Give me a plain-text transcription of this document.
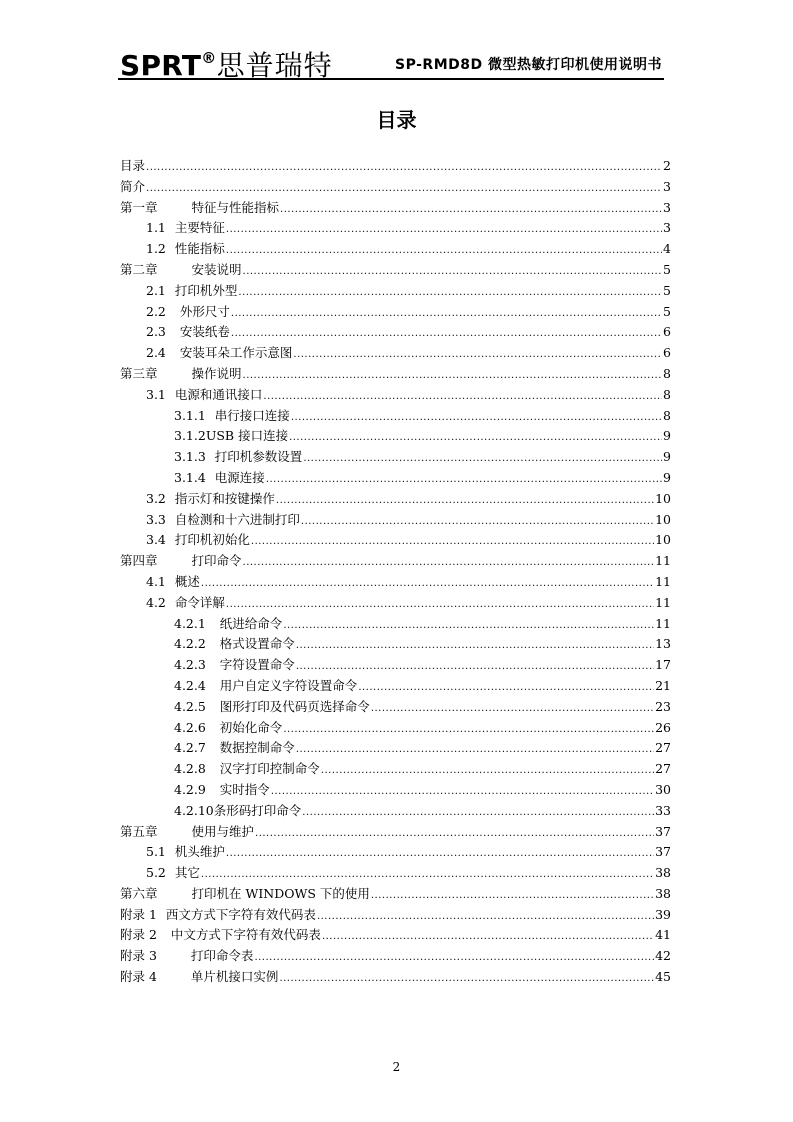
SPRT®思普瑞特	SP-RMD8D 微型热敏打印机使用说明书
目录
目录 .....	2
简介 .....	3
第一章	特征与性能指标 .....	3
1.1 主要特征 .....	3
1.2 性能指标 .....	4
第二章	安装说明 .....	5
2.1 打印机外型 .....	5
2.2 外形尺寸 .....	5
2.3 安装纸卷 .....	6
2.4 安装耳朵工作示意图 .....	6
第三章	操作说明 .....	8
3.1 电源和通讯接口 .....	8
3.1.1 串行接口连接 .....	8
3.1.2USB 接口连接 .....	9
3.1.3 打印机参数设置 .....	9
3.1.4 电源连接 .....	9
3.2 指示灯和按键操作 .....	10
3.3 自检测和十六进制打印 .....	10
3.4 打印机初始化 .....	10
第四章	打印命令 .....	11
4.1 概述 .....	11
4.2 命令详解 .....	11
4.2.1 纸进给命令 .....	11
4.2.2 格式设置命令 .....	13
4.2.3 字符设置命令 .....	17
4.2.4 用户自定义字符设置命令 .....	21
4.2.5 图形打印及代码页选择命令 .....	23
4.2.6 初始化命令 .....	26
4.2.7 数据控制命令 .....	27
4.2.8 汉字打印控制命令 .....	27
4.2.9 实时指令 .....	30
4.2.10条形码打印命令 .....	33
第五章	使用与维护 .....	37
5.1 机头维护 .....	37
5.2 其它 .....	38
第六章	打印机在 WINDOWS 下的使用 .....	38
附录 1 西文方式下字符有效代码表 .....	39
附录 2 中文方式下字符有效代码表 .....	41
附录 3	打印命令表 .....	42
附录 4	单片机接口实例 .....	45
2
